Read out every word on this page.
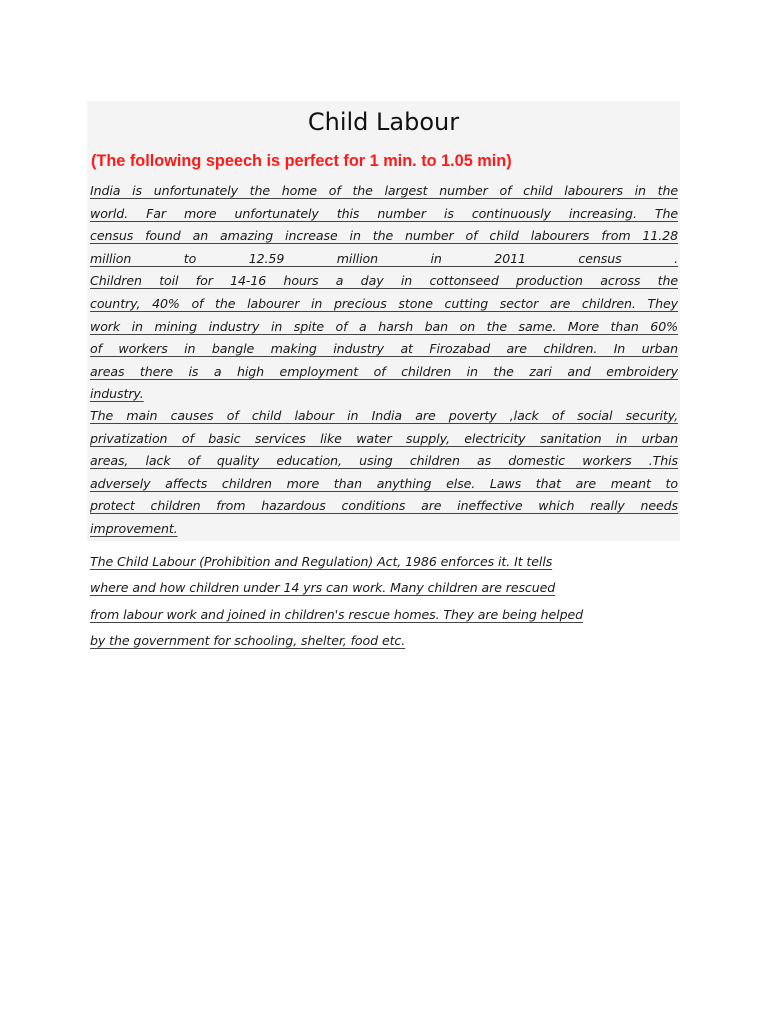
Child Labour

(The following speech is perfect for 1 min. to 1.05 min)

India is unfortunately the home of the largest number of child labourers in the
world. Far more unfortunately this number is continuously increasing. The
census found an amazing increase in the number of child labourers from 11.28
million to 12.59 million in 2011 census .
Children toil for 14-16 hours a day in cottonseed production across the
country, 40% of the labourer in precious stone cutting sector are children. They
work in mining industry in spite of a harsh ban on the same. More than 60%
of workers in bangle making industry at Firozabad are children. In urban
areas there is a high employment of children in the zari and embroidery
industry.

The main causes of child labour in India are poverty ,lack of social security,
privatization of basic services like water supply, electricity sanitation in urban
areas, lack of quality education, using children as domestic workers .This
adversely affects children more than anything else. Laws that are meant to
protect children from hazardous conditions are ineffective which really needs
improvement.

The Child Labour (Prohibition and Regulation) Act, 1986 enforces it. It tells
where and how children under 14 yrs can work. Many children are rescued
from labour work and joined in children's rescue homes. They are being helped
by the government for schooling, shelter, food etc.
